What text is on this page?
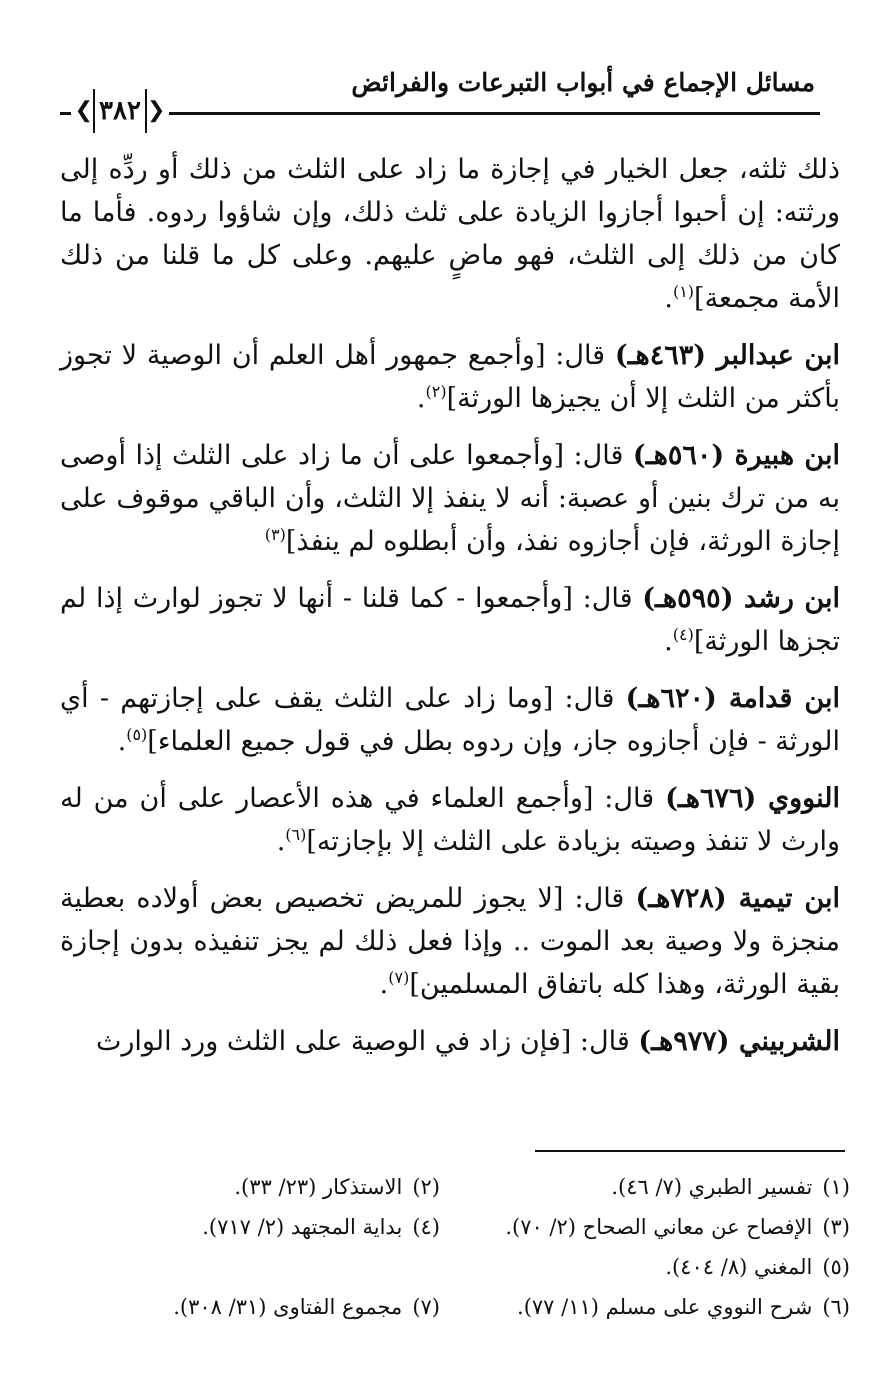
مسائل الإجماع في أبواب التبرعات والفرائض
❮ ٣٨٢ ❯

ذلك ثلثه، جعل الخيار في إجازة ما زاد على الثلث من ذلك أو ردِّه إلى ورثته: إن أحبوا أجازوا الزيادة على ثلث ذلك، وإن شاؤوا ردوه. فأما ما كان من ذلك إلى الثلث، فهو ماضٍ عليهم. وعلى كل ما قلنا من ذلك الأمة مجمعة]$^{(١)}$.

ابن عبدالبر (٤٦٣هـ) قال: [وأجمع جمهور أهل العلم أن الوصية لا تجوز بأكثر من الثلث إلا أن يجيزها الورثة]$^{(٢)}$.

ابن هبيرة (٥٦٠هـ) قال: [وأجمعوا على أن ما زاد على الثلث إذا أوصى به من ترك بنين أو عصبة: أنه لا ينفذ إلا الثلث، وأن الباقي موقوف على إجازة الورثة، فإن أجازوه نفذ، وأن أبطلوه لم ينفذ]$^{(٣)}$

ابن رشد (٥٩٥هـ) قال: [وأجمعوا - كما قلنا - أنها لا تجوز لوارث إذا لم تجزها الورثة]$^{(٤)}$.

ابن قدامة (٦٢٠هـ) قال: [وما زاد على الثلث يقف على إجازتهم - أي الورثة - فإن أجازوه جاز، وإن ردوه بطل في قول جميع العلماء]$^{(٥)}$.

النووي (٦٧٦هـ) قال: [وأجمع العلماء في هذه الأعصار على أن من له وارث لا تنفذ وصيته بزيادة على الثلث إلا بإجازته]$^{(٦)}$.

ابن تيمية (٧٢٨هـ) قال: [لا يجوز للمريض تخصيص بعض أولاده بعطية منجزة ولا وصية بعد الموت .. وإذا فعل ذلك لم يجز تنفيذه بدون إجازة بقية الورثة، وهذا كله باتفاق المسلمين]$^{(٧)}$.

الشربيني (٩٧٧هـ) قال: [فإن زاد في الوصية على الثلث ورد الوارث

(١)تفسير الطبري (٧/ ٤٦).
(٢)الاستذكار (٢٣/ ٣٣).
(٣)الإفصاح عن معاني الصحاح (٢/ ٧٠).
(٤)بداية المجتهد (٢/ ٧١٧).
(٥)المغني (٨/ ٤٠٤).
(٦)شرح النووي على مسلم (١١/ ٧٧).
(٧)مجموع الفتاوى (٣١/ ٣٠٨).
